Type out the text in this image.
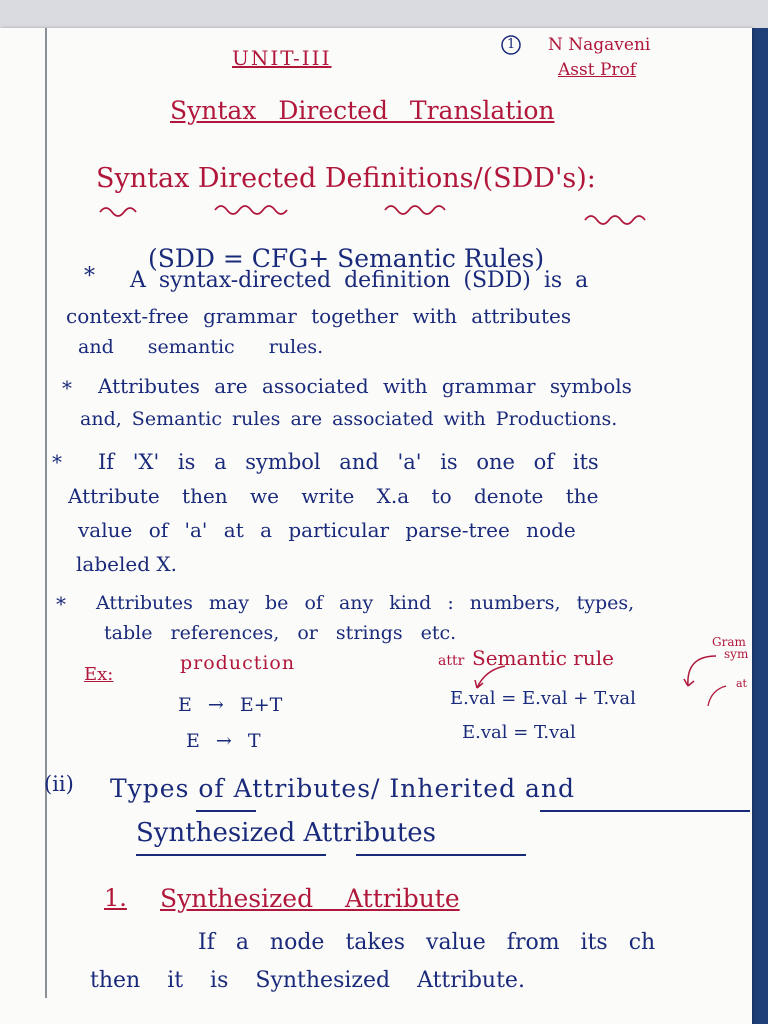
UNIT-III
1 N Nagaveni
Asst Prof
Syntax Directed Translation
Syntax Directed Definitions/(SDD's):
(SDD = CFG+ Semantic Rules)
* A syntax-directed definition (SDD) is a
context-free grammar together with attributes
and semantic rules.
* Attributes are associated with grammar symbols
and, Semantic rules are associated with Productions.
* If 'X' is a symbol and 'a' is one of its
Attribute then we write X.a to denote the
value of 'a' at a particular parse-tree node
labeled X.
* Attributes may be of any kind : numbers, types,
table references, or strings etc.
Ex:
production	attr Semantic rule
Gram
sym
at
E → E+T	E.val = E.val + T.val
E → T	E.val = T.val
(ii) Types of Attributes/ Inherited and
Synthesized Attributes
1. Synthesized Attribute
If a node takes value from its ch
then it is Synthesized Attribute.
